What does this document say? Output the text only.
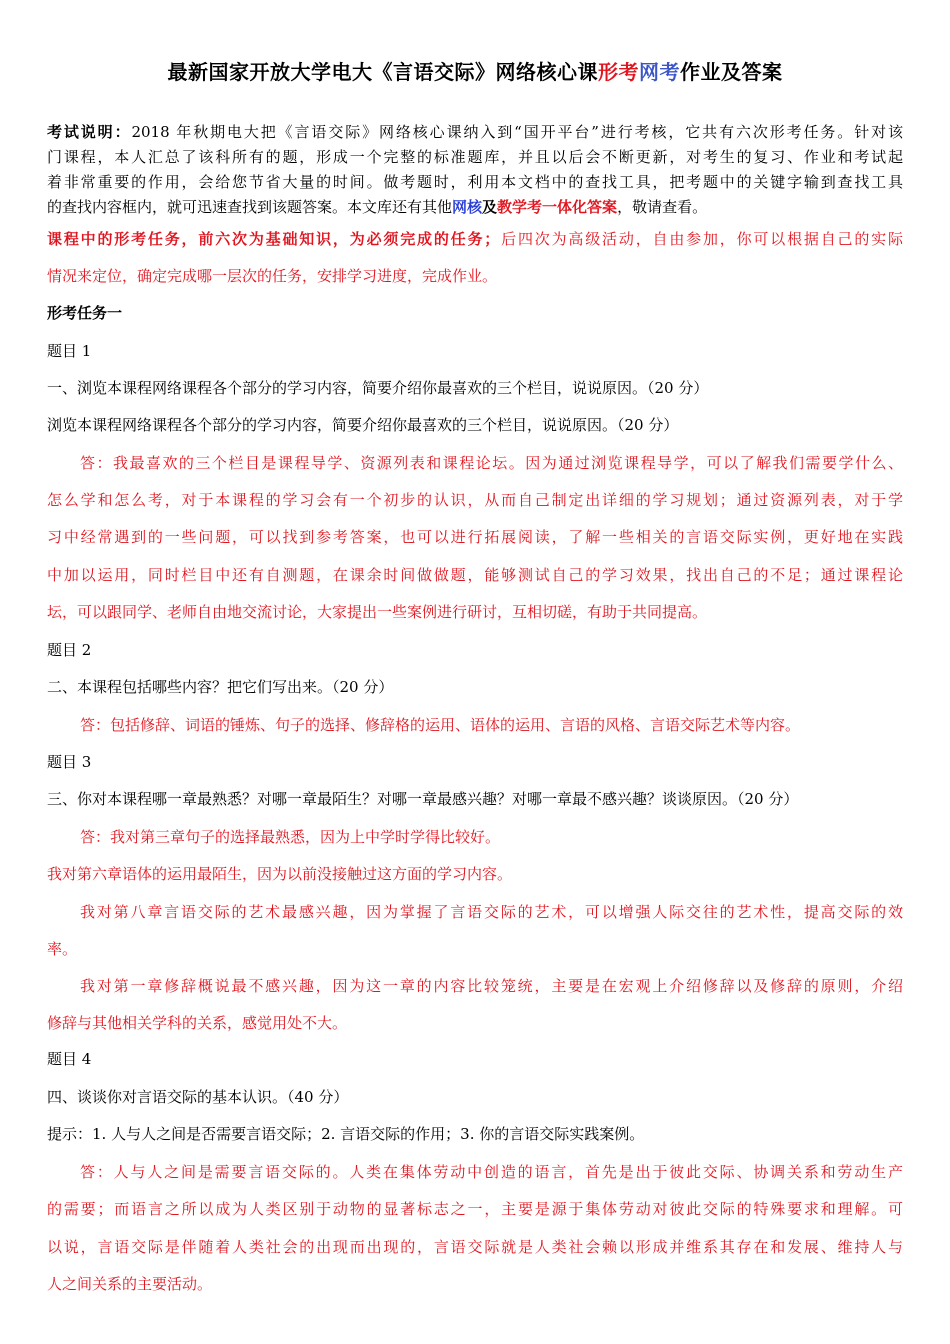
最新国家开放大学电大《言语交际》网络核心课形考网考作业及答案
考试说明：2018 年秋期电大把《言语交际》网络核心课纳入到“国开平台”进行考核，它共有六次形考任务。针对该
门课程，本人汇总了该科所有的题，形成一个完整的标准题库，并且以后会不断更新，对考生的复习、作业和考试起
着非常重要的作用，会给您节省大量的时间。做考题时，利用本文档中的查找工具，把考题中的关键字输到查找工具
的查找内容框内，就可迅速查找到该题答案。本文库还有其他网核及教学考一体化答案，敬请查看。
课程中的形考任务，前六次为基础知识，为必须完成的任务；后四次为高级活动，自由参加，你可以根据自己的实际
情况来定位，确定完成哪一层次的任务，安排学习进度，完成作业。
形考任务一
题目 1
一、浏览本课程网络课程各个部分的学习内容，简要介绍你最喜欢的三个栏目，说说原因。（20 分）
浏览本课程网络课程各个部分的学习内容，简要介绍你最喜欢的三个栏目，说说原因。（20 分）
答：我最喜欢的三个栏目是课程导学、资源列表和课程论坛。因为通过浏览课程导学，可以了解我们需要学什么、
怎么学和怎么考，对于本课程的学习会有一个初步的认识，从而自己制定出详细的学习规划；通过资源列表，对于学
习中经常遇到的一些问题，可以找到参考答案，也可以进行拓展阅读，了解一些相关的言语交际实例，更好地在实践
中加以运用，同时栏目中还有自测题，在课余时间做做题，能够测试自己的学习效果，找出自己的不足；通过课程论
坛，可以跟同学、老师自由地交流讨论，大家提出一些案例进行研讨，互相切磋，有助于共同提高。
题目 2
二、本课程包括哪些内容？把它们写出来。（20 分）
答：包括修辞、词语的锤炼、句子的选择、修辞格的运用、语体的运用、言语的风格、言语交际艺术等内容。
题目 3
三、你对本课程哪一章最熟悉？对哪一章最陌生？对哪一章最感兴趣？对哪一章最不感兴趣？谈谈原因。（20 分）
答：我对第三章句子的选择最熟悉，因为上中学时学得比较好。
我对第六章语体的运用最陌生，因为以前没接触过这方面的学习内容。
我对第八章言语交际的艺术最感兴趣，因为掌握了言语交际的艺术，可以增强人际交往的艺术性，提高交际的效
率。
我对第一章修辞概说最不感兴趣，因为这一章的内容比较笼统，主要是在宏观上介绍修辞以及修辞的原则，介绍
修辞与其他相关学科的关系，感觉用处不大。
题目 4
四、谈谈你对言语交际的基本认识。（40 分）
提示：1. 人与人之间是否需要言语交际；2. 言语交际的作用；3. 你的言语交际实践案例。
答：人与人之间是需要言语交际的。人类在集体劳动中创造的语言，首先是出于彼此交际、协调关系和劳动生产
的需要；而语言之所以成为人类区别于动物的显著标志之一，主要是源于集体劳动对彼此交际的特殊要求和理解。可
以说，言语交际是伴随着人类社会的出现而出现的，言语交际就是人类社会赖以形成并维系其存在和发展、维持人与
人之间关系的主要活动。
